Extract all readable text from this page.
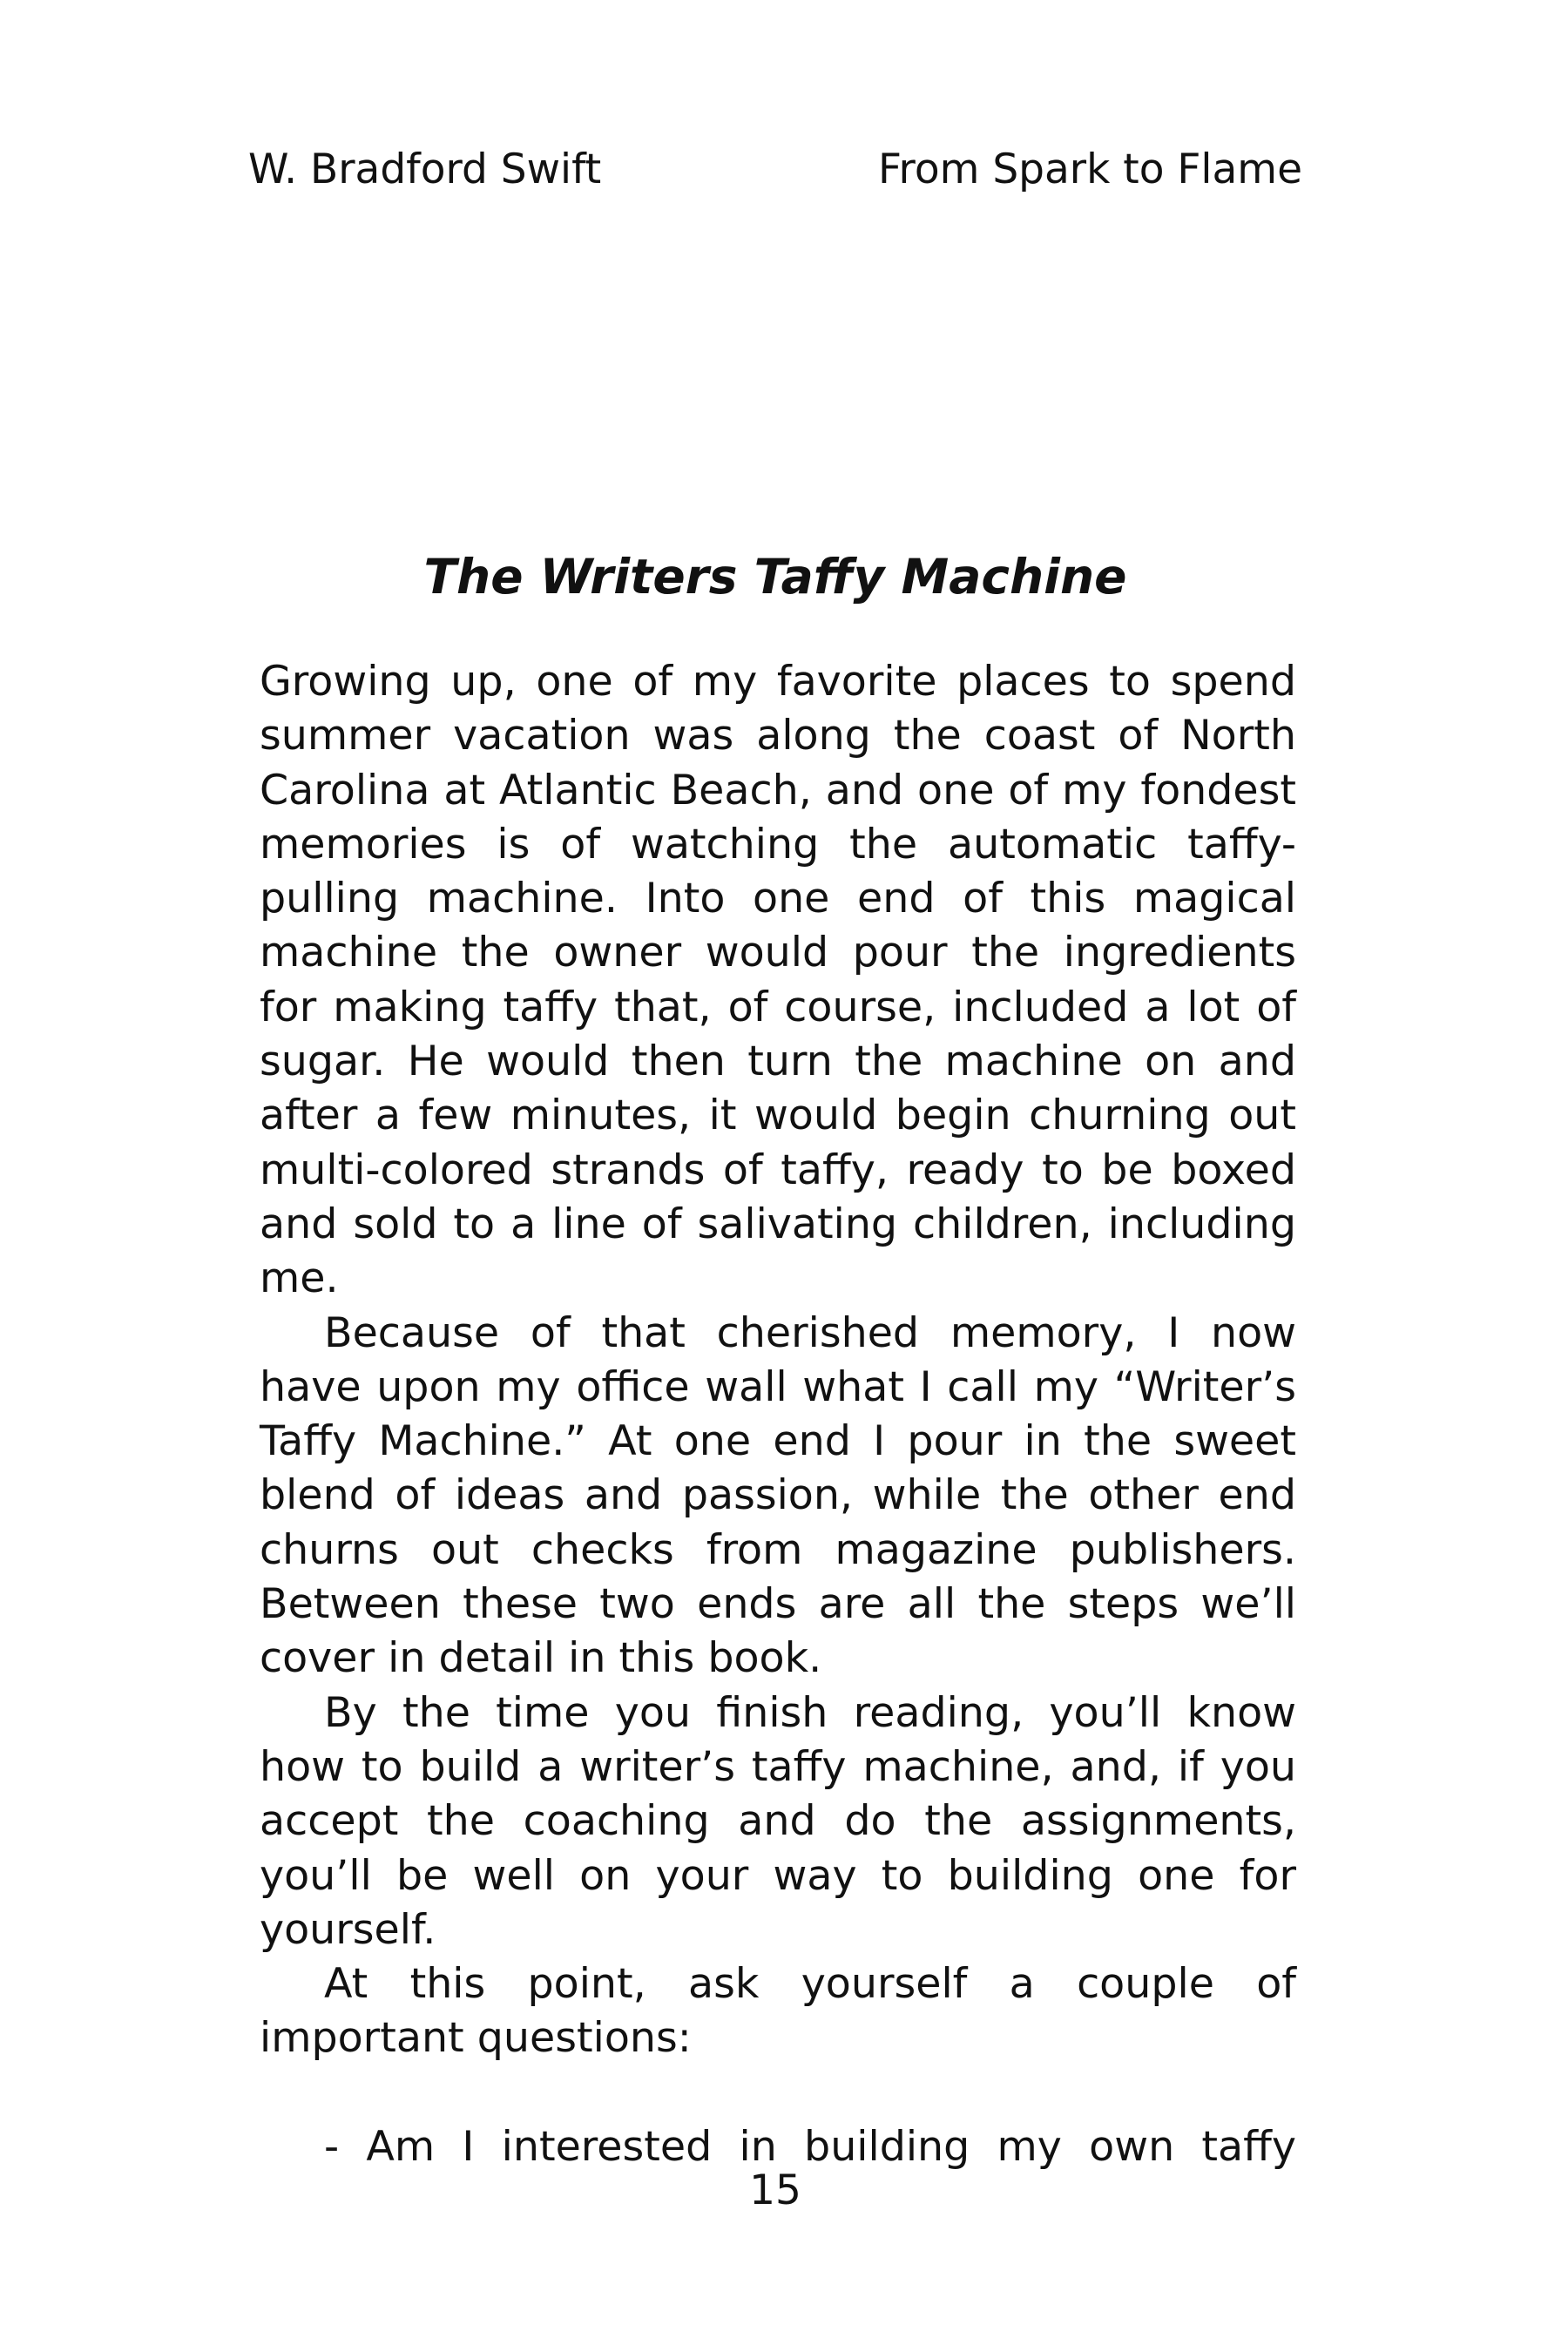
W. Bradford Swift	From Spark to Flame
The Writers Taffy Machine

Growing up, one of my favorite places to spend summer vacation was along the coast of North Carolina at Atlantic Beach, and one of my fondest memories is of watching the automatic taffy-pulling machine. Into one end of this magical machine the owner would pour the ingredients for making taffy that, of course, included a lot of sugar. He would then turn the machine on and after a few minutes, it would begin churning out multi-colored strands of taffy, ready to be boxed and sold to a line of salivating children, including me.

Because of that cherished memory, I now have upon my office wall what I call my “Writer’s Taffy Machine.” At one end I pour in the sweet blend of ideas and passion, while the other end churns out checks from magazine publishers. Between these two ends are all the steps we’ll cover in detail in this book.

By the time you finish reading, you’ll know how to build a writer’s taffy machine, and, if you accept the coaching and do the assignments, you’ll be well on your way to building one for yourself.

At this point, ask yourself a couple of important questions:

- Am I interested in building my own taffy

15
